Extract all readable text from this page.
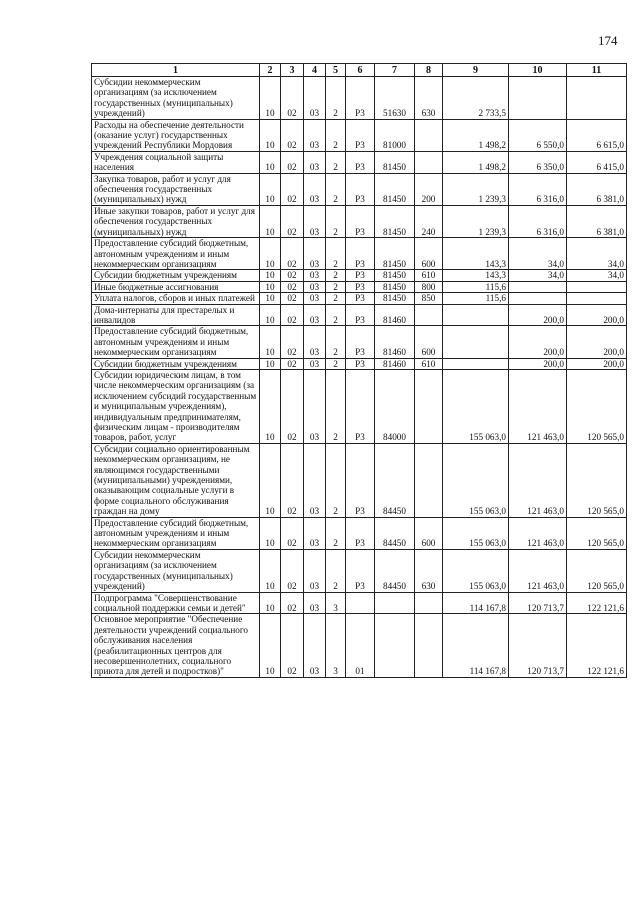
174
1	2	3	4	5	6	7	8	9	10	11
Субсидии некоммерческим организациям (за исключением государственных (муниципальных) учреждений)	10	02	03	2	Р3	51630	630	2 733,5		
Расходы на обеспечение деятельности (оказание услуг) государственных учреждений Республики Мордовия	10	02	03	2	Р3	81000		1 498,2	6 550,0	6 615,0
Учреждения социальной защиты населения	10	02	03	2	Р3	81450		1 498,2	6 350,0	6 415,0
Закупка товаров, работ и услуг для обеспечения государственных (муниципальных) нужд	10	02	03	2	Р3	81450	200	1 239,3	6 316,0	6 381,0
Иные закупки товаров, работ и услуг для обеспечения государственных (муниципальных) нужд	10	02	03	2	Р3	81450	240	1 239,3	6 316,0	6 381,0
Предоставление субсидий бюджетным, автономным учреждениям и иным некоммерческим организациям	10	02	03	2	Р3	81450	600	143,3	34,0	34,0
Субсидии бюджетным учреждениям	10	02	03	2	Р3	81450	610	143,3	34,0	34,0
Иные бюджетные ассигнования	10	02	03	2	Р3	81450	800	115,6		
Уплата налогов, сборов и иных платежей	10	02	03	2	Р3	81450	850	115,6		
Дома-интернаты для престарелых и инвалидов	10	02	03	2	Р3	81460			200,0	200,0
Предоставление субсидий бюджетным, автономным учреждениям и иным некоммерческим организациям	10	02	03	2	Р3	81460	600		200,0	200,0
Субсидии бюджетным учреждениям	10	02	03	2	Р3	81460	610		200,0	200,0
Субсидии юридическим лицам, в том числе некоммерческим организациям (за исключением субсидий государственным и муниципальным учреждениям), индивидуальным предпринимателям, физическим лицам - производителям товаров, работ, услуг	10	02	03	2	Р3	84000		155 063,0	121 463,0	120 565,0
Субсидии социально ориентированным некоммерческим организациям, не являющимся государственными (муниципальными) учреждениями, оказывающим социальные услуги в форме социального обслуживания граждан на дому	10	02	03	2	Р3	84450		155 063,0	121 463,0	120 565,0
Предоставление субсидий бюджетным, автономным учреждениям и иным некоммерческим организациям	10	02	03	2	Р3	84450	600	155 063,0	121 463,0	120 565,0
Субсидии некоммерческим организациям (за исключением государственных (муниципальных) учреждений)	10	02	03	2	Р3	84450	630	155 063,0	121 463,0	120 565,0
Подпрограмма "Совершенствование социальной поддержки семьи и детей"	10	02	03	3				114 167,8	120 713,7	122 121,6
Основное мероприятие "Обеспечение деятельности учреждений социального обслуживания населения (реабилитационных центров для несовершеннолетних, социального приюта для детей и подростков)"	10	02	03	3	01			114 167,8	120 713,7	122 121,6
